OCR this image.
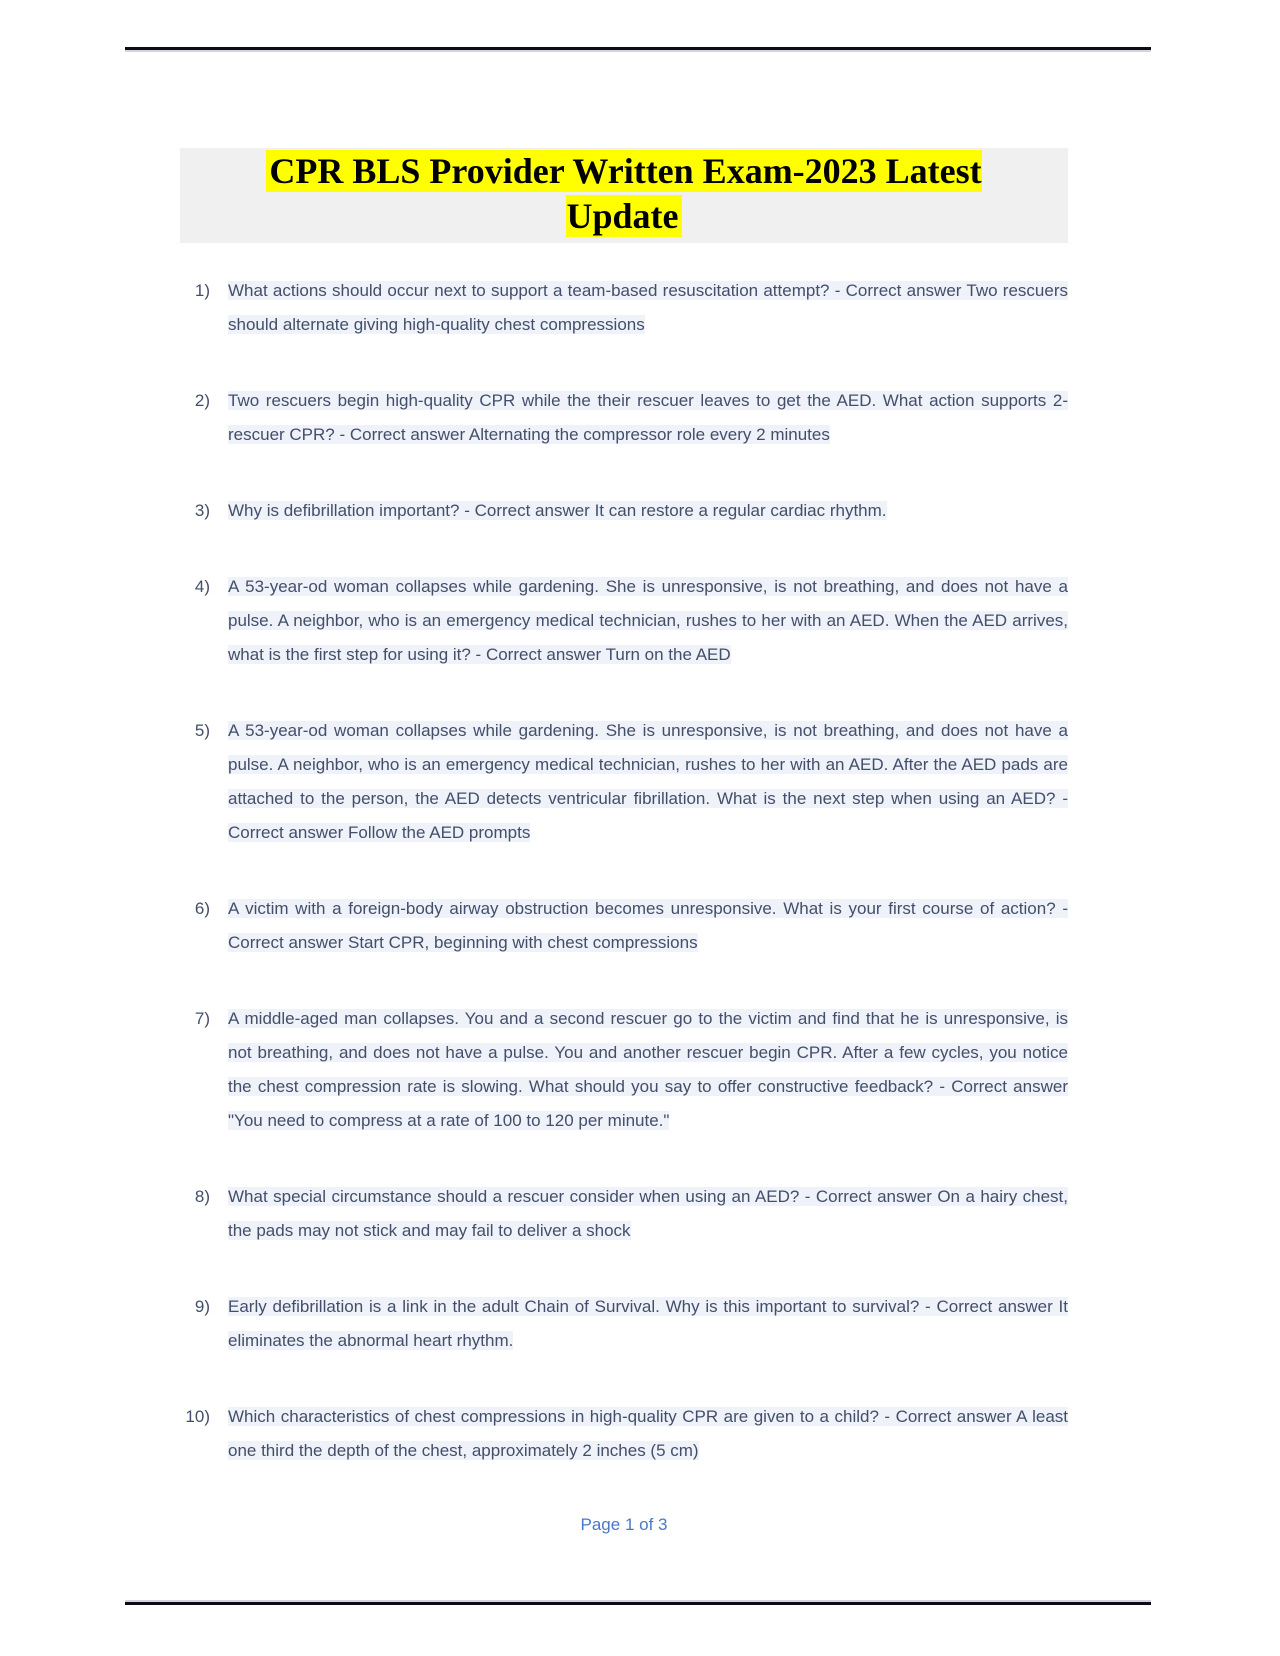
CPR BLS Provider Written Exam-2023 Latest Update
1) What actions should occur next to support a team-based resuscitation attempt? - Correct answer Two rescuers should alternate giving high-quality chest compressions
2) Two rescuers begin high-quality CPR while the their rescuer leaves to get the AED. What action supports 2-rescuer CPR? - Correct answer Alternating the compressor role every 2 minutes
3) Why is defibrillation important? - Correct answer It can restore a regular cardiac rhythm.
4) A 53-year-od woman collapses while gardening. She is unresponsive, is not breathing, and does not have a pulse. A neighbor, who is an emergency medical technician, rushes to her with an AED. When the AED arrives, what is the first step for using it? - Correct answer Turn on the AED
5) A 53-year-od woman collapses while gardening. She is unresponsive, is not breathing, and does not have a pulse. A neighbor, who is an emergency medical technician, rushes to her with an AED. After the AED pads are attached to the person, the AED detects ventricular fibrillation. What is the next step when using an AED? - Correct answer Follow the AED prompts
6) A victim with a foreign-body airway obstruction becomes unresponsive. What is your first course of action? - Correct answer Start CPR, beginning with chest compressions
7) A middle-aged man collapses. You and a second rescuer go to the victim and find that he is unresponsive, is not breathing, and does not have a pulse. You and another rescuer begin CPR. After a few cycles, you notice the chest compression rate is slowing. What should you say to offer constructive feedback? - Correct answer "You need to compress at a rate of 100 to 120 per minute."
8) What special circumstance should a rescuer consider when using an AED? - Correct answer On a hairy chest, the pads may not stick and may fail to deliver a shock
9) Early defibrillation is a link in the adult Chain of Survival. Why is this important to survival? - Correct answer It eliminates the abnormal heart rhythm.
10) Which characteristics of chest compressions in high-quality CPR are given to a child? - Correct answer A least one third the depth of the chest, approximately 2 inches (5 cm)
Page 1 of 3
